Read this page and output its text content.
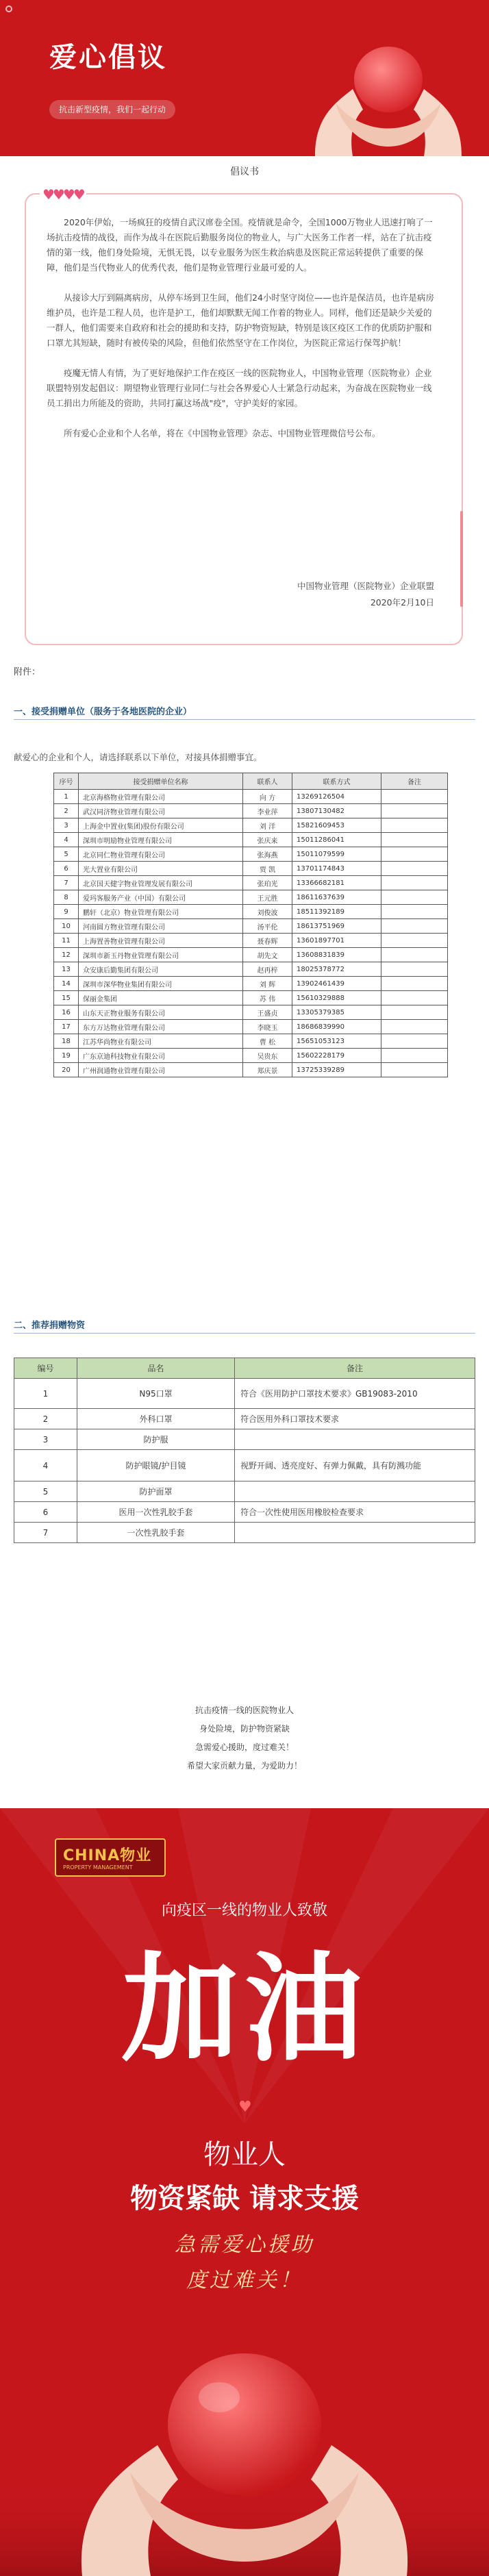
爱心倡议
抗击新型疫情，我们一起行动
倡议书
♥♥♥♥

2020年伊始，一场疯狂的疫情自武汉席卷全国。疫情就是命令，全国1000万物业人迅速打响了一场抗击疫情的战役，而作为战斗在医院后勤服务岗位的物业人，与广大医务工作者一样，站在了抗击疫情的第一线，他们身处险境，无惧无畏，以专业服务为医生救治病患及医院正常运转提供了重要的保障，他们是当代物业人的优秀代表，他们是物业管理行业最可爱的人。

从接诊大厅到隔离病房，从停车场到卫生间，他们24小时坚守岗位——也许是保洁员，也许是病房维护员，也许是工程人员，也许是护工，他们却默默无闻工作着的物业人。同样，他们还是缺少关爱的一群人，他们需要来自政府和社会的援助和支持，防护物资短缺，特别是该区疫区工作的优质防护服和口罩尤其短缺，随时有被传染的风险，但他们依然坚守在工作岗位，为医院正常运行保驾护航！

疫魔无情人有情，为了更好地保护工作在疫区一线的医院物业人，中国物业管理（医院物业）企业联盟特别发起倡议：期望物业管理行业同仁与社会各界爱心人士紧急行动起来，为奋战在医院物业一线员工捐出力所能及的资助，共同打赢这场战"疫"，守护美好的家园。

所有爱心企业和个人名单，将在《中国物业管理》杂志、中国物业管理微信号公布。

中国物业管理（医院物业）企业联盟
2020年2月10日
附件：
一、接受捐赠单位（服务于各地医院的企业）
献爱心的企业和个人，请选择联系以下单位，对接具体捐赠事宜。
序号	接受捐赠单位名称	联系人	联系方式	备注
1	北京海格物业管理有限公司	向 方	13269126504	
2	武汉同济物业管理有限公司	李业萍	13807130482	
3	上海金中置业(集团)股份有限公司	刘 洋	15821609453	
4	深圳市明励物业管理有限公司	张庆来	15011286041	
5	北京同仁物业管理有限公司	张海燕	15011079599	
6	光大置业有限公司	贾 凯	13701174843	
7	北京国天健字物业管理发展有限公司	张珀光	13366682181	
8	爱玛客服务产业（中国）有限公司	王元胜	18611637639	
9	鹏轩（北京）物业管理有限公司	刘俊波	18511392189	
10	河南圆方物业管理有限公司	汤平伦	18613751969	
11	上海置善物业管理有限公司	聂春辉	13601897701	
12	深圳市新玉丹物业管理有限公司	胡先文	13608831839	
13	众安康后勤集团有限公司	赵再梓	18025378772	
14	深圳市深华物业集团有限公司	刘 辉	13902461439	
15	保丽金集团	苏 伟	15610329888	
16	山东天正物业服务有限公司	王盛贞	13305379385	
17	东方万达物业管理有限公司	李晓玉	18686839990	
18	江苏华尚物业有限公司	曹 松	15651053123	
19	广东京迪科技物业有限公司	吴贵东	15602228179	
20	广州润通物业管理有限公司	郑庆景	13725339289	
二、推荐捐赠物资
编号	品名	备注
1	N95口罩	符合《医用防护口罩技术要求》GB19083-2010
2	外科口罩	符合医用外科口罩技术要求
3	防护服	
4	防护眼镜/护目镜	视野开阔、透亮度好、有弹力佩戴，具有防溅功能
5	防护面罩	
6	医用一次性乳胶手套	符合一次性使用医用橡胶检查要求
7	一次性乳胶手套	
抗击疫情一线的医院物业人
身处险境，防护物资紧缺
急需爱心援助，度过难关！
希望大家贡献力量，为爱助力！
CHINA物业
PROPERTY MANAGEMENT
向疫区一线的物业人致敬
加油
♥
物业人
物资紧缺 请求支援
急需爱心援助
度过难关！
